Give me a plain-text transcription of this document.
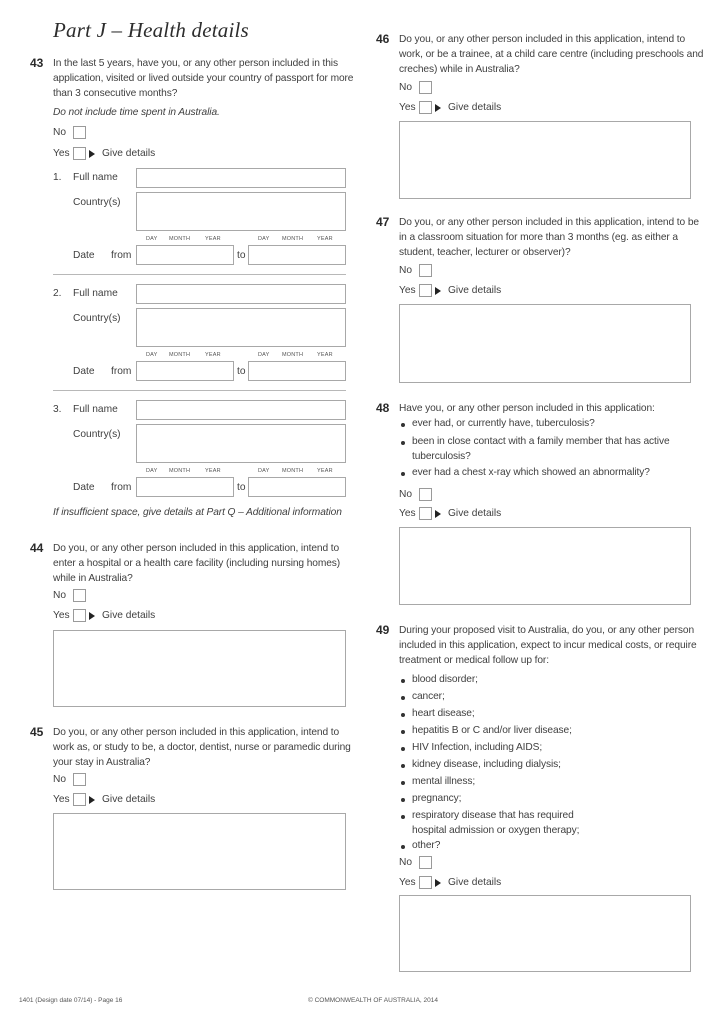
Part J – Health details
43 In the last 5 years, have you, or any other person included in this
application, visited or lived outside your country of passport for more
than 3 consecutive months?
Do not include time spent in Australia.
No
Yes	Give details
1. Full name
Country(s)
DAY MONTH	YEAR	DAY MONTH	YEAR
Date from	to
2. Full name
Country(s)
DAY MONTH	YEAR	DAY MONTH	YEAR
Date from	to
3. Full name
Country(s)
DAY MONTH	YEAR	DAY MONTH	YEAR
Date from	to
If insufficient space, give details at Part Q – Additional information
44 Do you, or any other person included in this application, intend to
enter a hospital or a health care facility (including nursing homes)
while in Australia?
No
Yes	Give details
45 Do you, or any other person included in this application, intend to
work as, or study to be, a doctor, dentist, nurse or paramedic during
your stay in Australia?
No
Yes	Give details
46 Do you, or any other person included in this application, intend to
work, or be a trainee, at a child care centre (including preschools and
creches) while in Australia?
No
Yes	Give details
47 Do you, or any other person included in this application, intend to be
in a classroom situation for more than 3 months (eg. as either a
student, teacher, lecturer or observer)?
No
Yes	Give details
48 Have you, or any other person included in this application:
ever had, or currently have, tuberculosis?
been in close contact with a family member that has active
tuberculosis?
ever had a chest x-ray which showed an abnormality?
No
Yes	Give details
49 During your proposed visit to Australia, do you, or any other person
included in this application, expect to incur medical costs, or require
treatment or medical follow up for:
blood disorder;
cancer;
heart disease;
hepatitis B or C and/or liver disease;
HIV Infection, including AIDS;
kidney disease, including dialysis;
mental illness;
pregnancy;
respiratory disease that has required
hospital admission or oxygen therapy;
other?
No
Yes	Give details
1401 (Design date 07/14) - Page 16	© COMMONWEALTH OF AUSTRALIA, 2014
